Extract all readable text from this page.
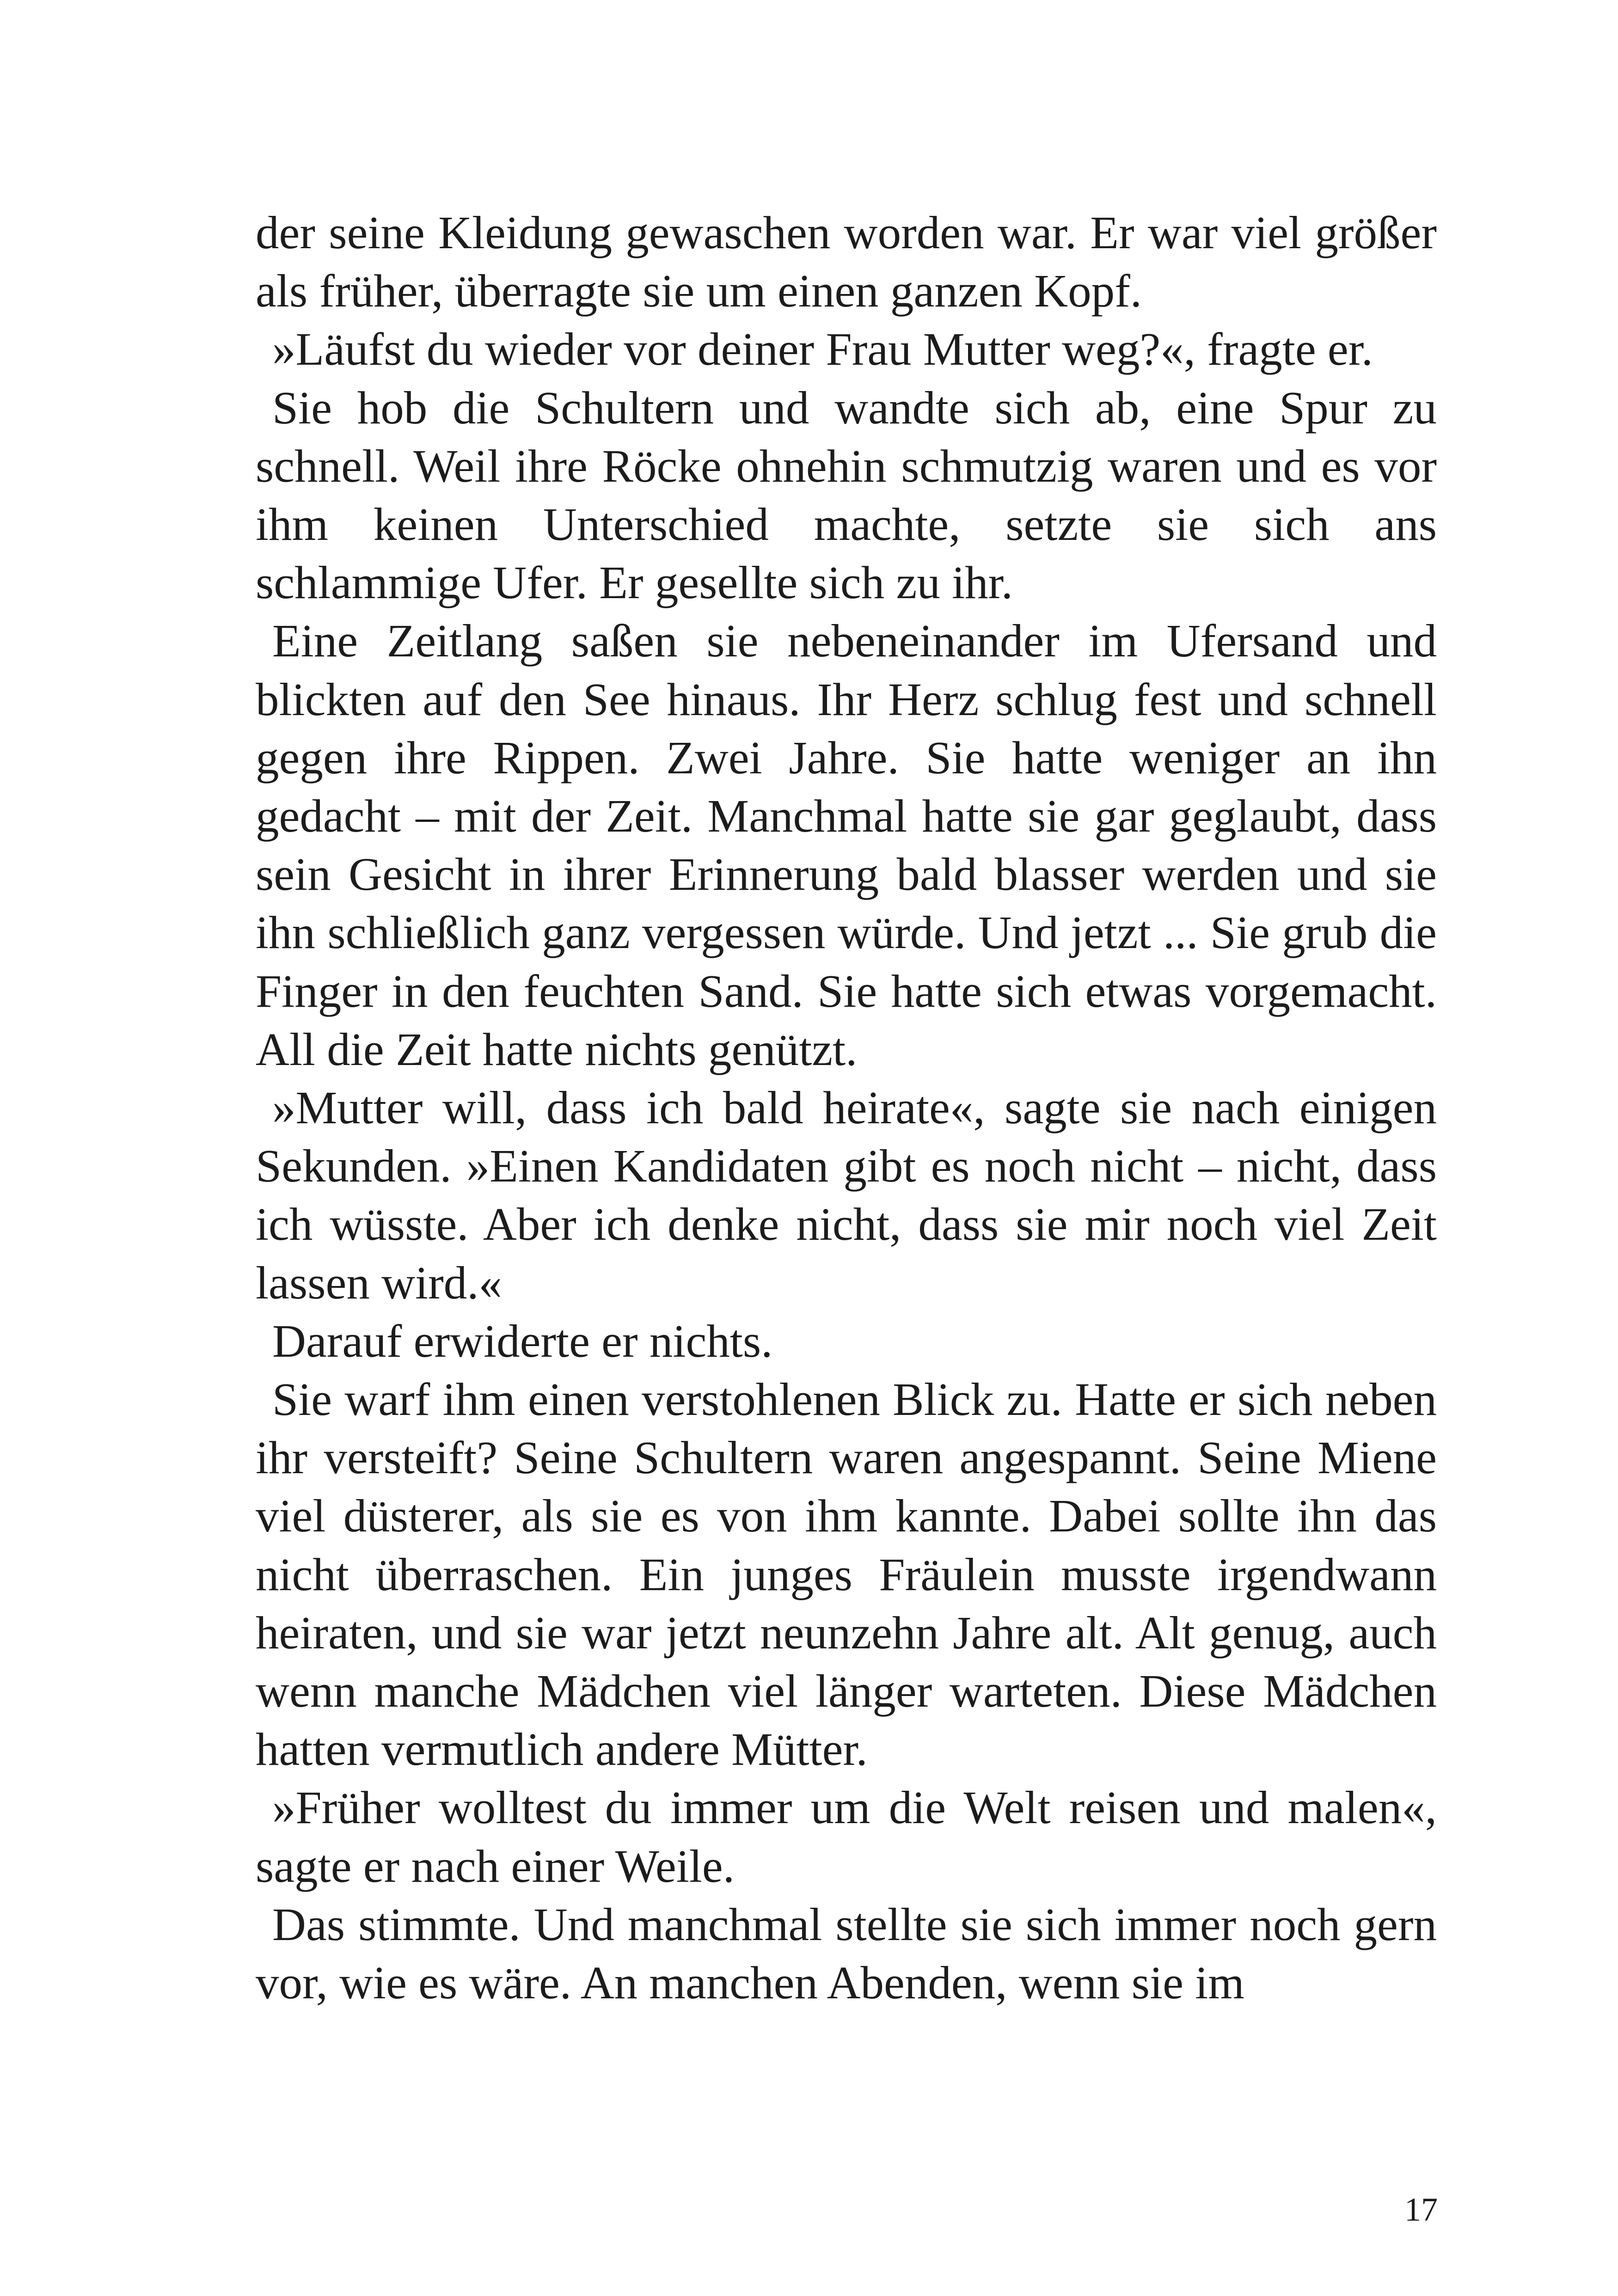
der seine Kleidung gewaschen worden war. Er war viel größer als früher, überragte sie um einen ganzen Kopf.

»Läufst du wieder vor deiner Frau Mutter weg?«, fragte er.

Sie hob die Schultern und wandte sich ab, eine Spur zu schnell. Weil ihre Röcke ohnehin schmutzig waren und es vor ihm keinen Unterschied machte, setzte sie sich ans schlammige Ufer. Er gesellte sich zu ihr.

Eine Zeitlang saßen sie nebeneinander im Ufersand und blickten auf den See hinaus. Ihr Herz schlug fest und schnell gegen ihre Rippen. Zwei Jahre. Sie hatte weniger an ihn gedacht – mit der Zeit. Manchmal hatte sie gar geglaubt, dass sein Gesicht in ihrer Erinnerung bald blasser werden und sie ihn schließlich ganz vergessen würde. Und jetzt ... Sie grub die Finger in den feuchten Sand. Sie hatte sich etwas vorgemacht. All die Zeit hatte nichts genützt.

»Mutter will, dass ich bald heirate«, sagte sie nach einigen Sekunden. »Einen Kandidaten gibt es noch nicht – nicht, dass ich wüsste. Aber ich denke nicht, dass sie mir noch viel Zeit lassen wird.«

Darauf erwiderte er nichts.

Sie warf ihm einen verstohlenen Blick zu. Hatte er sich neben ihr versteift? Seine Schultern waren angespannt. Seine Miene viel düsterer, als sie es von ihm kannte. Dabei sollte ihn das nicht überraschen. Ein junges Fräulein musste irgendwann heiraten, und sie war jetzt neunzehn Jahre alt. Alt genug, auch wenn manche Mädchen viel länger warteten. Diese Mädchen hatten vermutlich andere Mütter.

»Früher wolltest du immer um die Welt reisen und malen«, sagte er nach einer Weile.

Das stimmte. Und manchmal stellte sie sich immer noch gern vor, wie es wäre. An manchen Abenden, wenn sie im

17
